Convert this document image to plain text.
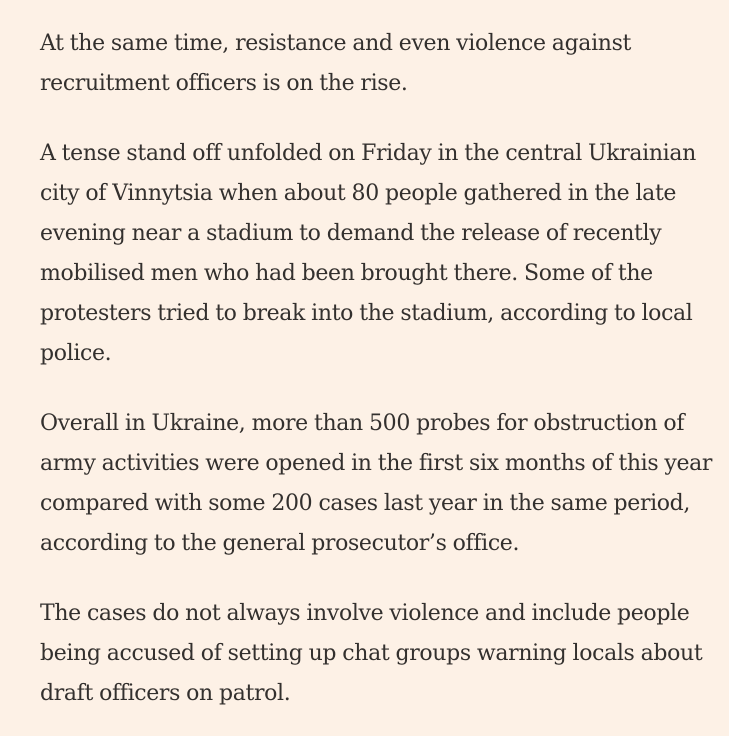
At the same time, resistance and even violence against recruitment officers is on the rise.

A tense stand off unfolded on Friday in the central Ukrainian city of Vinnytsia when about 80 people gathered in the late evening near a stadium to demand the release of recently mobilised men who had been brought there. Some of the protesters tried to break into the stadium, according to local police.

Overall in Ukraine, more than 500 probes for obstruction of army activities were opened in the first six months of this year compared with some 200 cases last year in the same period, according to the general prosecutor’s office.

The cases do not always involve violence and include people being accused of setting up chat groups warning locals about draft officers on patrol.
